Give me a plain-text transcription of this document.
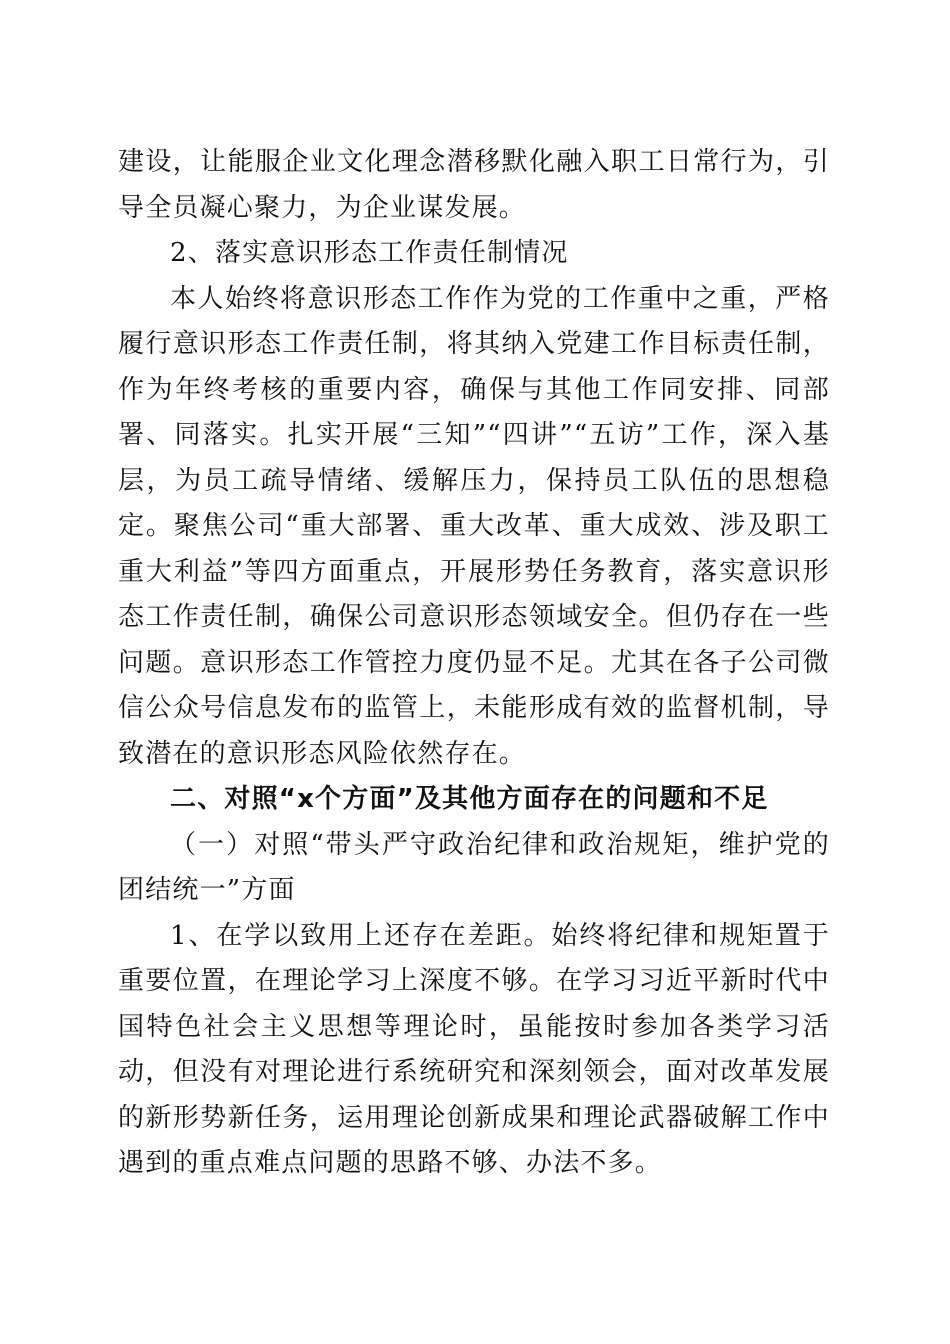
建设，让能服企业文化理念潜移默化融入职工日常行为，引导全员凝心聚力，为企业谋发展。

2、落实意识形态工作责任制情况

本人始终将意识形态工作作为党的工作重中之重，严格履行意识形态工作责任制，将其纳入党建工作目标责任制，作为年终考核的重要内容，确保与其他工作同安排、同部署、同落实。扎实开展“三知”“四讲”“五访”工作，深入基层，为员工疏导情绪、缓解压力，保持员工队伍的思想稳定。聚焦公司“重大部署、重大改革、重大成效、涉及职工重大利益”等四方面重点，开展形势任务教育，落实意识形态工作责任制，确保公司意识形态领域安全。但仍存在一些问题。意识形态工作管控力度仍显不足。尤其在各子公司微信公众号信息发布的监管上，未能形成有效的监督机制，导致潜在的意识形态风险依然存在。

二、对照“x个方面”及其他方面存在的问题和不足

（一）对照“带头严守政治纪律和政治规矩，维护党的团结统一”方面

1、在学以致用上还存在差距。始终将纪律和规矩置于重要位置，在理论学习上深度不够。在学习习近平新时代中国特色社会主义思想等理论时，虽能按时参加各类学习活动，但没有对理论进行系统研究和深刻领会，面对改革发展的新形势新任务，运用理论创新成果和理论武器破解工作中遇到的重点难点问题的思路不够、办法不多。
